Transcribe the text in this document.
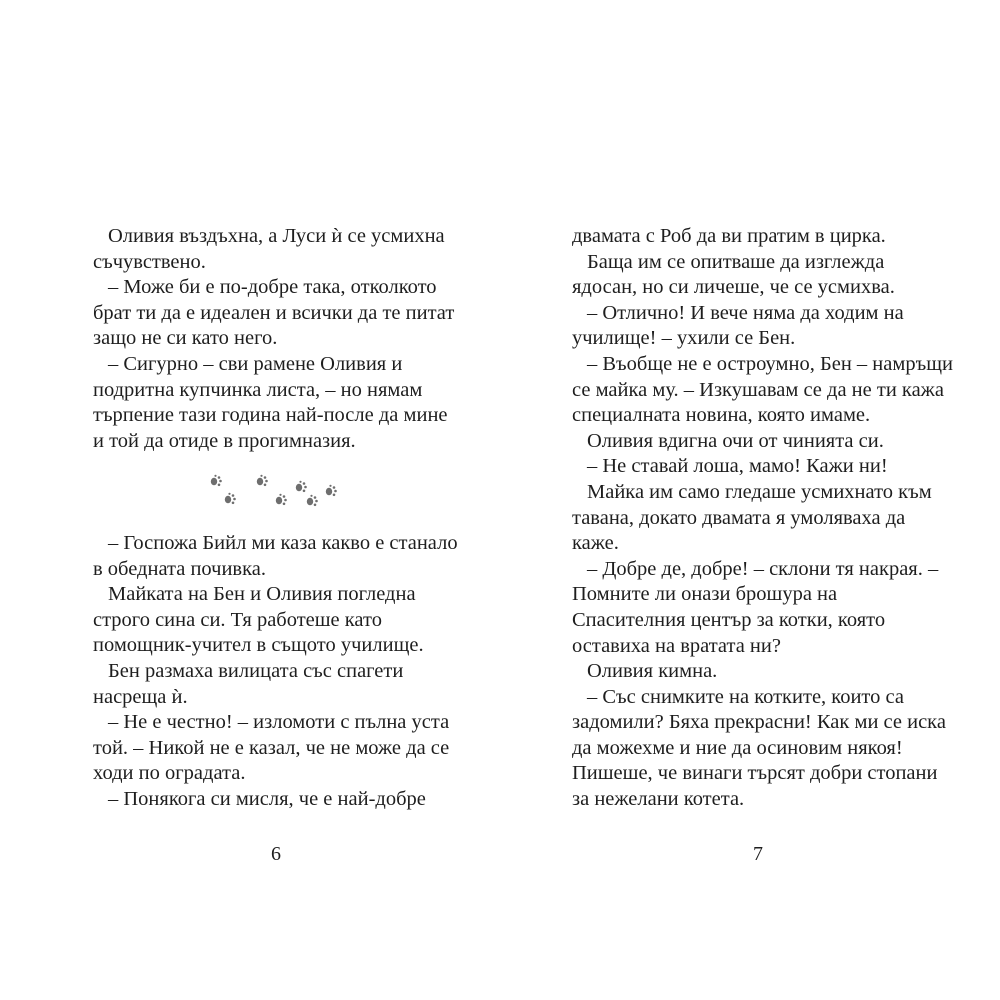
Оливия въздъхна, а Луси ѝ се усмихна
съчувствено.
– Може би е по-добре така, отколкото
брат ти да е идеален и всички да те питат
защо не си като него.
– Сигурно – сви рамене Оливия и
подритна купчинка листа, – но нямам
търпение тази година най-после да мине
и той да отиде в прогимназия.
– Госпожа Бийл ми каза какво е станало
в обедната почивка.
Майката на Бен и Оливия погледна
строго сина си. Тя работеше като
помощник-учител в същото училище.
Бен размаха вилицата със спагети
насреща ѝ.
– Не е честно! – изломоти с пълна уста
той. – Никой не е казал, че не може да се
ходи по оградата.
– Понякога си мисля, че е най-добре
6
двамата с Роб да ви пратим в цирка.
Баща им се опитваше да изглежда
ядосан, но си личеше, че се усмихва.
– Отлично! И вече няма да ходим на
училище! – ухили се Бен.
– Въобще не е остроумно, Бен – намръщи
се майка му. – Изкушавам се да не ти кажа
специалната новина, която имаме.
Оливия вдигна очи от чинията си.
– Не ставай лоша, мамо! Кажи ни!
Майка им само гледаше усмихнато към
тавана, докато двамата я умоляваха да
каже.
– Добре де, добре! – склони тя накрая. –
Помните ли онази брошура на
Спасителния център за котки, която
оставиха на вратата ни?
Оливия кимна.
– Със снимките на котките, които са
задомили? Бяха прекрасни! Как ми се иска
да можехме и ние да осиновим някоя!
Пишеше, че винаги търсят добри стопани
за нежелани котета.
7
